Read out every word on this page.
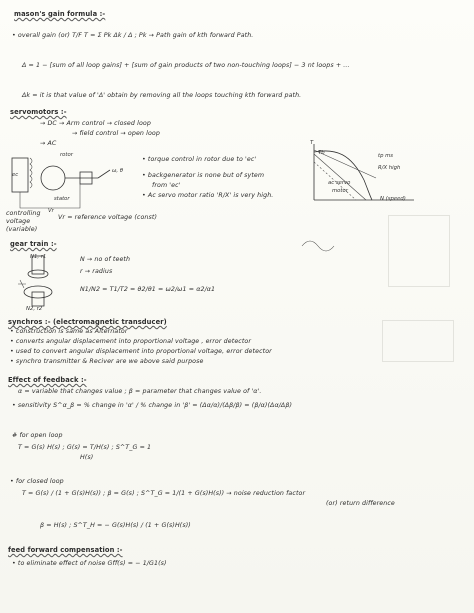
mason's gain formula :-
• overall gain (or) T/F T = Σ Pk Δk / Δ ; Pk → Path gain of kth forward Path.
Δ = 1 − [sum of all loop gains] + [sum of gain products of two non-touching loops] − 3 nt loops + ...
Δk = it is that value of 'Δ' obtain by removing all the loops touching kth forward path.
servomotors :-
→ DC → Arm control → closed loop
→ field control → open loop
→ AC
• torque control in rotor due to 'ec'
• backgenerator is none but of sytem
from 'ec'
• Ac servo motor ratio 'R/X' is very high.
rotor
ec
ω, θ
stator
Vr
controlling
voltage
(variable)
Vr = reference voltage (const)
T
Tb	tp ms
R/X high
ac servo
motor
N (speed)
gear train :-
N1, r1
N2, r2
N → no of teeth
r → radius
N1/N2 = T1/T2 = θ2/θ1 = ω2/ω1 = α2/α1
synchros :- (electromagnetic transducer)
• construction is same as Alternator
• converts angular displacement into proportional voltage , error detector
• used to convert angular displacement into proportional voltage, error detector
• synchro transmitter & Reciver are we above said purpose
Effect of feedback :-
α = variable that changes value ; β = parameter that changes value of 'α'.
• sensitivity S^α_β = % change in 'α' / % change in 'β' = (Δα/α)/(Δβ/β) = (β/α)(Δα/Δβ)
# for open loop
T = G(s) H(s) ; G(s) = T/H(s) ; S^T_G = 1
H(s)
• for closed loop
T = G(s) / (1 + G(s)H(s)) ; β = G(s) ; S^T_G = 1/(1 + G(s)H(s)) → noise reduction factor
(or) return difference
β = H(s) ; S^T_H = − G(s)H(s) / (1 + G(s)H(s))
feed forward compensation :-
• to eliminate effect of noise Gff(s) = − 1/G1(s)
